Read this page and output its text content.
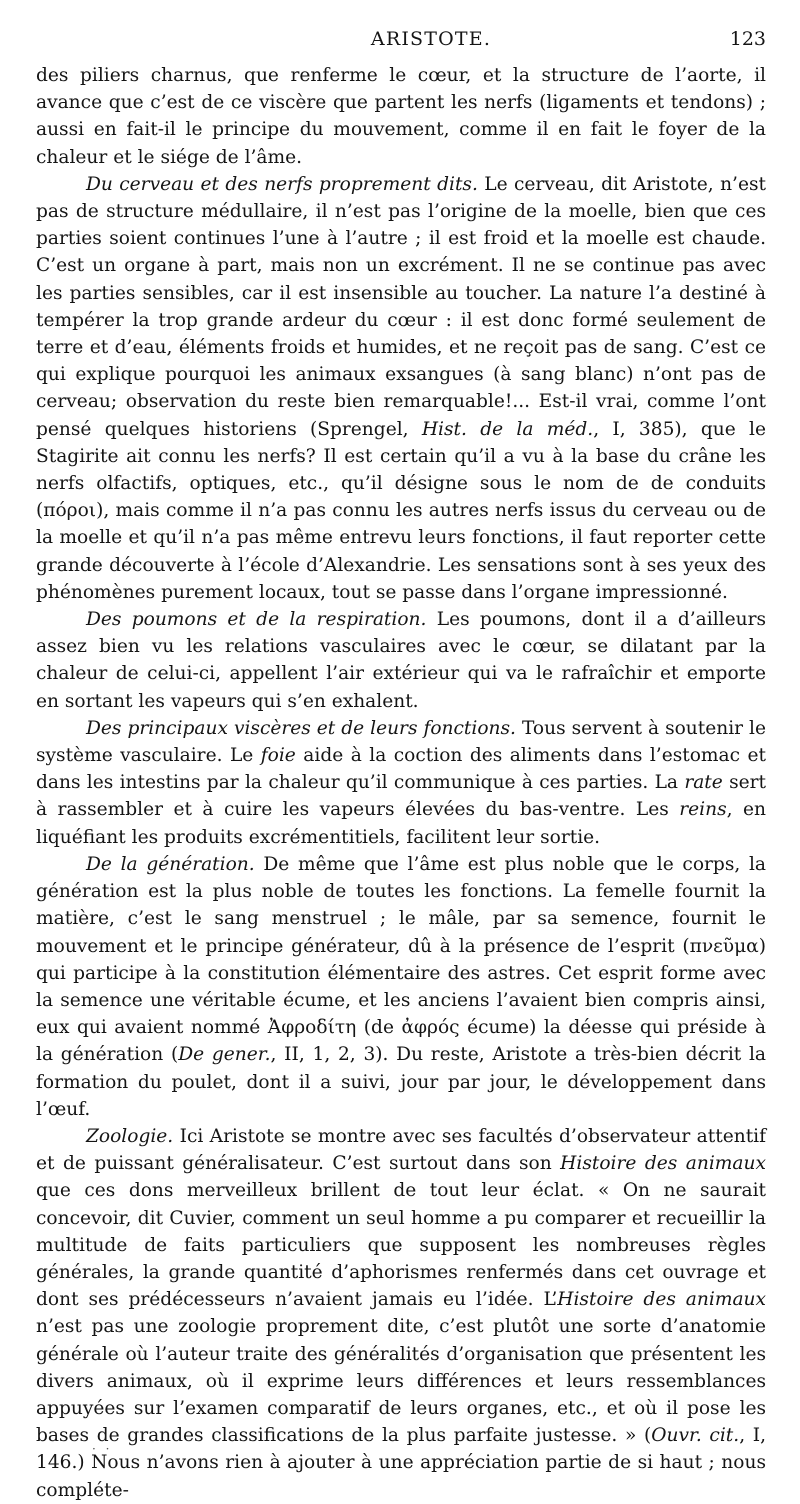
ARISTOTE.	123

des piliers charnus, que renferme le cœur, et la structure de l’aorte, il avance que c’est de ce viscère que partent les nerfs (ligaments et tendons) ; aussi en fait-il le principe du mouvement, comme il en fait le foyer de la chaleur et le siége de l’âme.

Du cerveau et des nerfs proprement dits. Le cerveau, dit Aristote, n’est pas de structure médullaire, il n’est pas l’origine de la moelle, bien que ces parties soient continues l’une à l’autre ; il est froid et la moelle est chaude. C’est un organe à part, mais non un excrément. Il ne se continue pas avec les parties sensibles, car il est insensible au toucher. La nature l’a destiné à tempérer la trop grande ardeur du cœur : il est donc formé seulement de terre et d’eau, éléments froids et humides, et ne reçoit pas de sang. C’est ce qui explique pourquoi les animaux exsangues (à sang blanc) n’ont pas de cerveau; observation du reste bien remarquable!... Est-il vrai, comme l’ont pensé quelques historiens (Sprengel, Hist. de la méd., I, 385), que le Stagirite ait connu les nerfs? Il est certain qu’il a vu à la base du crâne les nerfs olfactifs, optiques, etc., qu’il désigne sous le nom de de conduits (πόροι), mais comme il n’a pas connu les autres nerfs issus du cerveau ou de la moelle et qu’il n’a pas même entrevu leurs fonctions, il faut reporter cette grande découverte à l’école d’Alexandrie. Les sensations sont à ses yeux des phénomènes purement locaux, tout se passe dans l’organe impressionné.

Des poumons et de la respiration. Les poumons, dont il a d’ailleurs assez bien vu les relations vasculaires avec le cœur, se dilatant par la chaleur de celui-ci, appellent l’air extérieur qui va le rafraîchir et emporte en sortant les vapeurs qui s’en exhalent.

Des principaux viscères et de leurs fonctions. Tous servent à soutenir le système vasculaire. Le foie aide à la coction des aliments dans l’estomac et dans les intestins par la chaleur qu’il communique à ces parties. La rate sert à rassembler et à cuire les vapeurs élevées du bas-ventre. Les reins, en liquéfiant les produits excrémentitiels, facilitent leur sortie.

De la génération. De même que l’âme est plus noble que le corps, la génération est la plus noble de toutes les fonctions. La femelle fournit la matière, c’est le sang menstruel ; le mâle, par sa semence, fournit le mouvement et le principe générateur, dû à la présence de l’esprit (πνεῦμα) qui participe à la constitution élémentaire des astres. Cet esprit forme avec la semence une véritable écume, et les anciens l’avaient bien compris ainsi, eux qui avaient nommé Ἀφροδίτη (de ἀφρός écume) la déesse qui préside à la génération (De gener., II, 1, 2, 3). Du reste, Aristote a très-bien décrit la formation du poulet, dont il a suivi, jour par jour, le développement dans l’œuf.

Zoologie. Ici Aristote se montre avec ses facultés d’observateur attentif et de puissant généralisateur. C’est surtout dans son Histoire des animaux que ces dons merveilleux brillent de tout leur éclat. « On ne saurait concevoir, dit Cuvier, comment un seul homme a pu comparer et recueillir la multitude de faits particuliers que supposent les nombreuses règles générales, la grande quantité d’aphorismes renfermés dans cet ouvrage et dont ses prédécesseurs n’avaient jamais eu l’idée. L’Histoire des animaux n’est pas une zoologie proprement dite, c’est plutôt une sorte d’anatomie générale où l’auteur traite des généralités d’organisation que présentent les divers animaux, où il exprime leurs différences et leurs ressemblances appuyées sur l’examen comparatif de leurs organes, etc., et où il pose les bases de grandes classifications de la plus parfaite justesse. » (Ouvr. cit., I, 146.) Nous n’avons rien à ajouter à une appréciation partie de si haut ; nous compléte-

· ·
